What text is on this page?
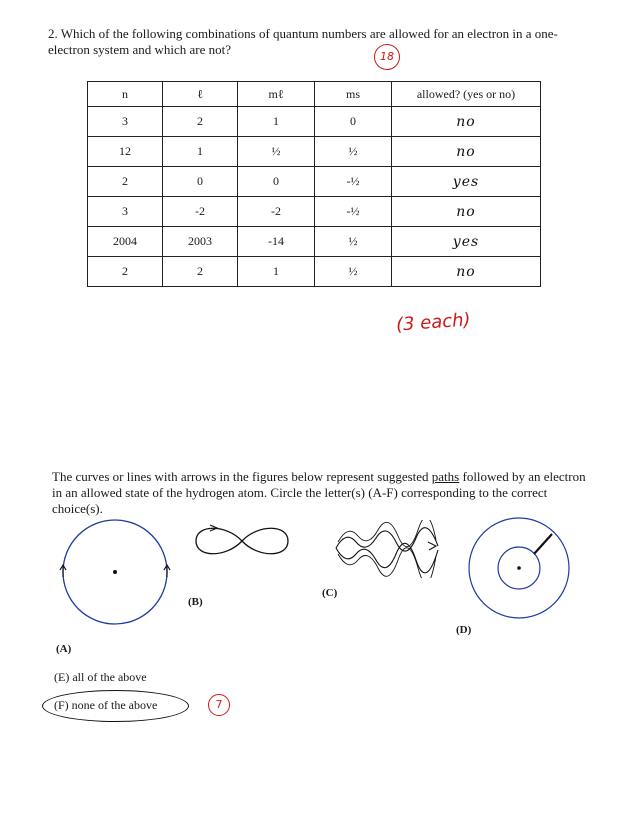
2. Which of the following combinations of quantum numbers are allowed for an electron in a one-electron system and which are not?	18
n	ℓ	mℓ	ms	allowed? (yes or no)
3	2	1	0	no
12	1	½	½	no
2	0	0	-½	yes
3	-2	-2	-½	no
2004	2003	-14	½	yes
2	2	1	½	no
(3 each)
The curves or lines with arrows in the figures below represent suggested paths followed by an electron in an allowed state of the hydrogen atom. Circle the letter(s) (A-F) corresponding to the correct choice(s).
(A)
(B)
(C)
(D)
(E) all of the above
(F) none of the above	7
